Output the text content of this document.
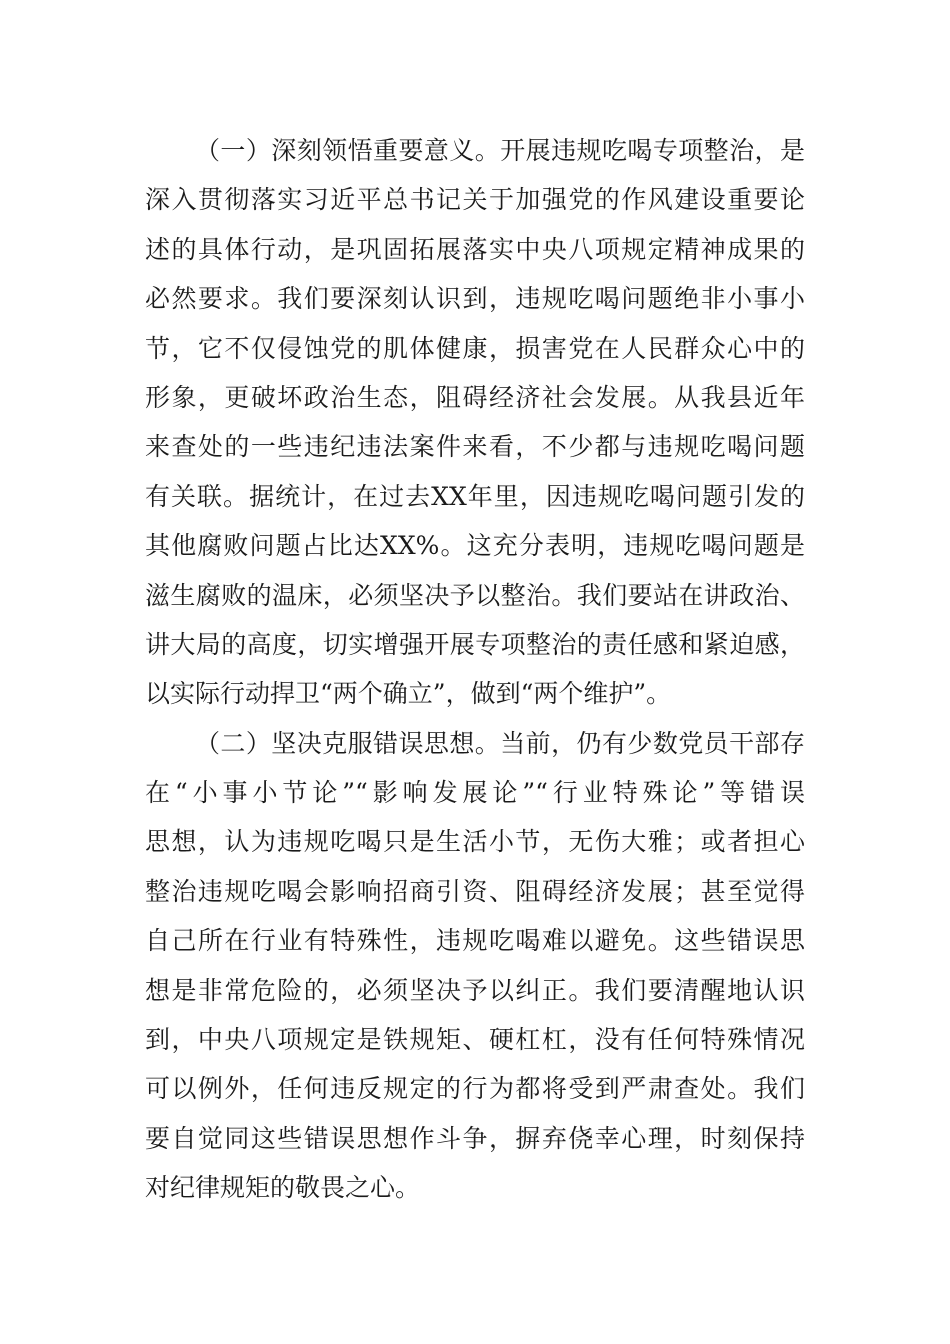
（一）深刻领悟重要意义。开展违规吃喝专项整治，是
深入贯彻落实习近平总书记关于加强党的作风建设重要论
述的具体行动，是巩固拓展落实中央八项规定精神成果的
必然要求。我们要深刻认识到，违规吃喝问题绝非小事小
节，它不仅侵蚀党的肌体健康，损害党在人民群众心中的
形象，更破坏政治生态，阻碍经济社会发展。从我县近年
来查处的一些违纪违法案件来看，不少都与违规吃喝问题
有关联。据统计，在过去XX年里，因违规吃喝问题引发的
其他腐败问题占比达XX%。这充分表明，违规吃喝问题是
滋生腐败的温床，必须坚决予以整治。我们要站在讲政治、
讲大局的高度，切实增强开展专项整治的责任感和紧迫感，
以实际行动捍卫“两个确立”，做到“两个维护”。
（二）坚决克服错误思想。当前，仍有少数党员干部存
在“小事小节论”“影响发展论”“行业特殊论”等错误
思想，认为违规吃喝只是生活小节，无伤大雅；或者担心
整治违规吃喝会影响招商引资、阻碍经济发展；甚至觉得
自己所在行业有特殊性，违规吃喝难以避免。这些错误思
想是非常危险的，必须坚决予以纠正。我们要清醒地认识
到，中央八项规定是铁规矩、硬杠杠，没有任何特殊情况
可以例外，任何违反规定的行为都将受到严肃查处。我们
要自觉同这些错误思想作斗争，摒弃侥幸心理，时刻保持
对纪律规矩的敬畏之心。
